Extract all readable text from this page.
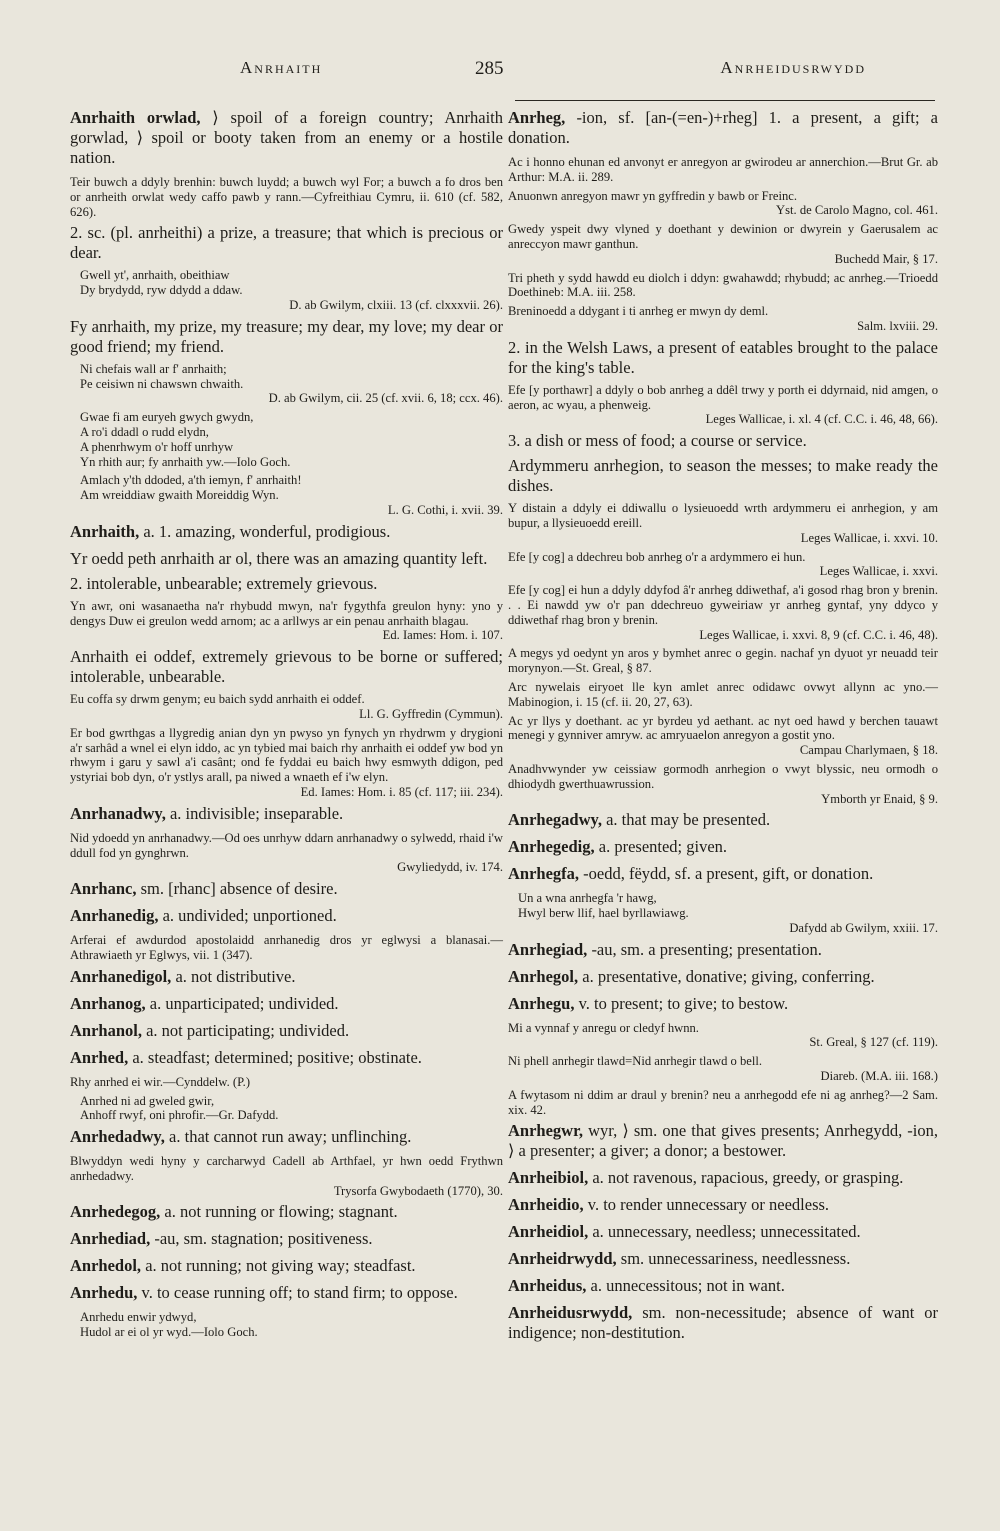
Anrhaith	285	Anrheidusrwydd

Anrhaith orwlad, ⟩ spoil of a foreign country; Anrhaith gorwlad, ⟩ spoil or booty taken from an enemy or a hostile nation.

Teir buwch a ddyly brenhin: buwch luydd; a buwch wyl For; a buwch a fo dros ben or anrheith orwlat wedy caffo pawb y rann.—Cyfreithiau Cymru, ii. 610 (cf. 582, 626).

2. sc. (pl. anrheithi) a prize, a treasure; that which is precious or dear.

Gwell yt', anrhaith, obeithiaw
Dy brydydd, ryw ddydd a ddaw.
D. ab Gwilym, clxiii. 13 (cf. clxxxvii. 26).

Fy anrhaith, my prize, my treasure; my dear, my love; my dear or good friend; my friend.

Ni chefais wall ar f' anrhaith;
Pe ceisiwn ni chawswn chwaith.
D. ab Gwilym, cii. 25 (cf. xvii. 6, 18; ccx. 46).
Gwae fi am euryeh gwych gwydn,
A ro'i ddadl o rudd elydn,
A phenrhwym o'r hoff unrhyw
Yn rhith aur; fy anrhaith yw.—Iolo Goch.
Amlach y'th ddoded, a'th iemyn, f' anrhaith!
Am wreiddiaw gwaith Moreiddig Wyn.
L. G. Cothi, i. xvii. 39.

Anrhaith, a. 1. amazing, wonderful, prodigious.

Yr oedd peth anrhaith ar ol, there was an amazing quantity left.

2. intolerable, unbearable; extremely grievous.

Yn awr, oni wasanaetha na'r rhybudd mwyn, na'r fygythfa greulon hyny: yno y dengys Duw ei greulon wedd arnom; ac a arllwys ar ein penau anrhaith blagau.
Ed. Iames: Hom. i. 107.

Anrhaith ei oddef, extremely grievous to be borne or suffered; intolerable, unbearable.

Eu coffa sy drwm genym; eu baich sydd anrhaith ei oddef.
Ll. G. Gyffredin (Cymmun).
Er bod gwrthgas a llygredig anian dyn yn pwyso yn fynych yn rhydrwm y drygioni a'r sarhâd a wnel ei elyn iddo, ac yn tybied mai baich rhy anrhaith ei oddef yw bod yn rhwym i garu y sawl a'i casânt; ond fe fyddai eu baich hwy esmwyth ddigon, ped ystyriai bob dyn, o'r ystlys arall, pa niwed a wnaeth ef i'w elyn.
Ed. Iames: Hom. i. 85 (cf. 117; iii. 234).

Anrhanadwy, a. indivisible; inseparable.

Nid ydoedd yn anrhanadwy.—Od oes unrhyw ddarn anrhanadwy o sylwedd, rhaid i'w ddull fod yn gynghrwn.
Gwyliedydd, iv. 174.

Anrhanc, sm. [rhanc] absence of desire.

Anrhanedig, a. undivided; unportioned.

Arferai ef awdurdod apostolaidd anrhanedig dros yr eglwysi a blanasai.—Athrawiaeth yr Eglwys, vii. 1 (347).

Anrhanedigol, a. not distributive.

Anrhanog, a. unparticipated; undivided.

Anrhanol, a. not participating; undivided.

Anrhed, a. steadfast; determined; positive; obstinate.

Rhy anrhed ei wir.—Cynddelw. (P.)
Anrhed ni ad gweled gwir,
Anhoff rwyf, oni phrofir.—Gr. Dafydd.

Anrhedadwy, a. that cannot run away; unflinching.

Blwyddyn wedi hyny y carcharwyd Cadell ab Arthfael, yr hwn oedd Frythwn anrhedadwy.
Trysorfa Gwybodaeth (1770), 30.

Anrhedegog, a. not running or flowing; stagnant.

Anrhediad, -au, sm. stagnation; positiveness.

Anrhedol, a. not running; not giving way; steadfast.

Anrhedu, v. to cease running off; to stand firm; to oppose.

Anrhedu enwir ydwyd,
Hudol ar ei ol yr wyd.—Iolo Goch.

Anrheg, -ion, sf. [an-(=en-)+rheg] 1. a present, a gift; a donation.

Ac i honno ehunan ed anvonyt er anregyon ar gwirodeu ar annerchion.—Brut Gr. ab Arthur: M.A. ii. 289.
Anuonwn anregyon mawr yn gyffredin y bawb or Freinc.
Yst. de Carolo Magno, col. 461.
Gwedy yspeit dwy vlyned y doethant y dewinion or dwyrein y Gaerusalem ac anreccyon mawr ganthun.
Buchedd Mair, § 17.
Tri pheth y sydd hawdd eu diolch i ddyn: gwahawdd; rhybudd; ac anrheg.—Trioedd Doethineb: M.A. iii. 258.
Breninoedd a ddygant i ti anrheg er mwyn dy deml.
Salm. lxviii. 29.

2. in the Welsh Laws, a present of eatables brought to the palace for the king's table.

Efe [y porthawr] a ddyly o bob anrheg a ddêl trwy y porth ei ddyrnaid, nid amgen, o aeron, ac wyau, a phenweig.
Leges Wallicae, i. xl. 4 (cf. C.C. i. 46, 48, 66).

3. a dish or mess of food; a course or service.

Ardymmeru anrhegion, to season the messes; to make ready the dishes.

Y distain a ddyly ei ddiwallu o lysieuoedd wrth ardymmeru ei anrhegion, y am bupur, a llysieuoedd ereill.
Leges Wallicae, i. xxvi. 10.
Efe [y cog] a ddechreu bob anrheg o'r a ardymmero ei hun.
Leges Wallicae, i. xxvi.
Efe [y cog] ei hun a ddyly ddyfod â'r anrheg ddiwethaf, a'i gosod rhag bron y brenin. . . Ei nawdd yw o'r pan ddechreuo gyweiriaw yr anrheg gyntaf, yny ddyco y ddiwethaf rhag bron y brenin.
Leges Wallicae, i. xxvi. 8, 9 (cf. C.C. i. 46, 48).
A megys yd oedynt yn aros y bymhet anrec o gegin. nachaf yn dyuot yr neuadd teir morynyon.—St. Greal, § 87.
Arc nywelais eiryoet lle kyn amlet anrec odidawc ovwyt allynn ac yno.—Mabinogion, i. 15 (cf. ii. 20, 27, 63).
Ac yr llys y doethant. ac yr byrdeu yd aethant. ac nyt oed hawd y berchen tauawt menegi y gynniver amryw. ac amryuaelon anregyon a gostit yno.
Campau Charlymaen, § 18.
Anadhvwynder yw ceissiaw gormodh anrhegion o vwyt blyssic, neu ormodh o dhiodydh gwerthuawrussion.
Ymborth yr Enaid, § 9.

Anrhegadwy, a. that may be presented.

Anrhegedig, a. presented; given.

Anrhegfa, -oedd, fëydd, sf. a present, gift, or donation.

Un a wna anrhegfa 'r hawg,
Hwyl berw llif, hael byrllawiawg.
Dafydd ab Gwilym, xxiii. 17.

Anrhegiad, -au, sm. a presenting; presentation.

Anrhegol, a. presentative, donative; giving, conferring.

Anrhegu, v. to present; to give; to bestow.

Mi a vynnaf y anregu or cledyf hwnn.
St. Greal, § 127 (cf. 119).
Ni phell anrhegir tlawd=Nid anrhegir tlawd o bell.
Diareb. (M.A. iii. 168.)
A fwytasom ni ddim ar draul y brenin? neu a anrhegodd efe ni ag anrheg?—2 Sam. xix. 42.

Anrhegwr, wyr, ⟩ sm. one that gives presents; Anrhegydd, -ion, ⟩ a presenter; a giver; a donor; a bestower.

Anrheibiol, a. not ravenous, rapacious, greedy, or grasping.

Anrheidio, v. to render unnecessary or needless.

Anrheidiol, a. unnecessary, needless; unnecessitated.

Anrheidrwydd, sm. unnecessariness, needlessness.

Anrheidus, a. unnecessitous; not in want.

Anrheidusrwydd, sm. non-necessitude; absence of want or indigence; non-destitution.
